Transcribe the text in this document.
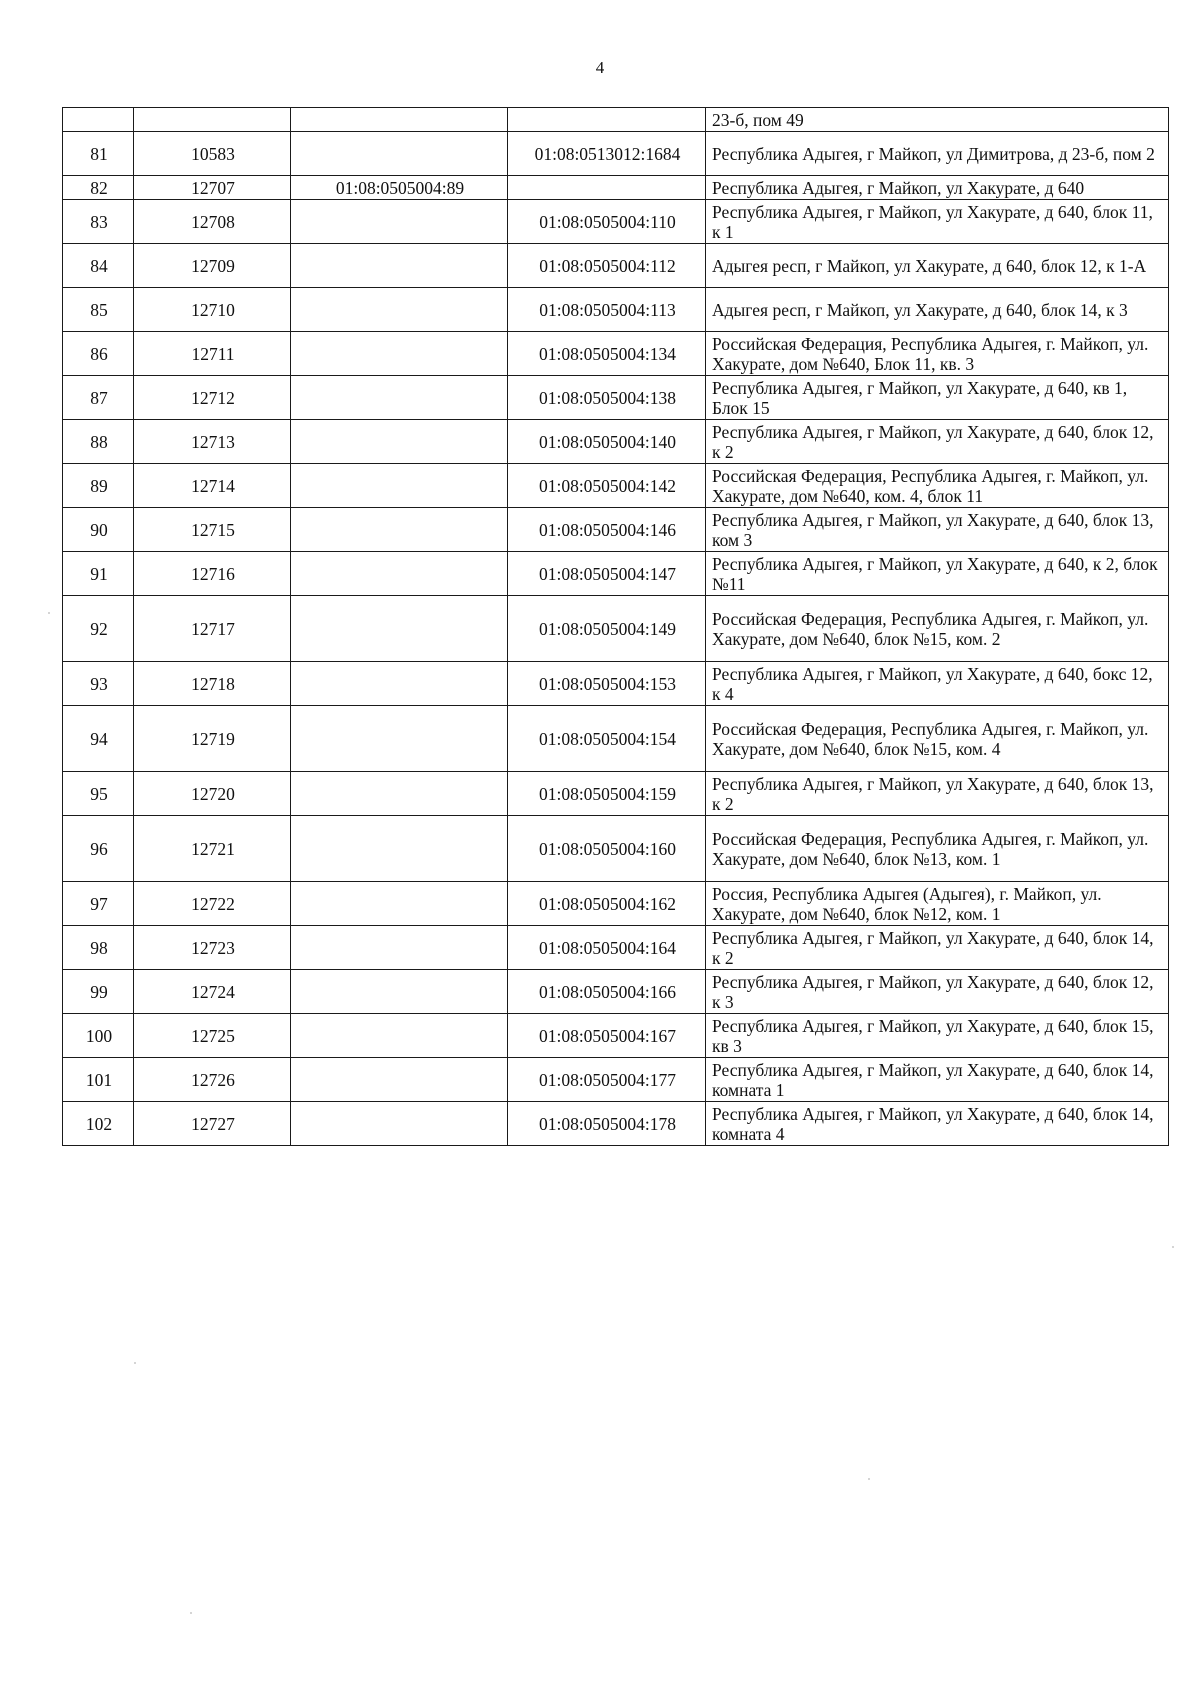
4
				23-б, пом 49
81	10583		01:08:0513012:1684	Республика Адыгея, г Майкоп, ул Димитрова, д 23-б, пом 2
82	12707	01:08:0505004:89		Республика Адыгея, г Майкоп, ул Хакурате, д 640
83	12708		01:08:0505004:110	Республика Адыгея, г Майкоп, ул Хакурате, д 640, блок 11, к 1
84	12709		01:08:0505004:112	Адыгея респ, г Майкоп, ул Хакурате, д 640, блок 12, к 1-А
85	12710		01:08:0505004:113	Адыгея респ, г Майкоп, ул Хакурате, д 640, блок 14, к 3
86	12711		01:08:0505004:134	Российская Федерация, Республика Адыгея, г. Майкоп, ул. Хакурате, дом №640, Блок 11, кв. 3
87	12712		01:08:0505004:138	Республика Адыгея, г Майкоп, ул Хакурате, д 640, кв 1, Блок 15
88	12713		01:08:0505004:140	Республика Адыгея, г Майкоп, ул Хакурате, д 640, блок 12, к 2
89	12714		01:08:0505004:142	Российская Федерация, Республика Адыгея, г. Майкоп, ул. Хакурате, дом №640, ком. 4, блок 11
90	12715		01:08:0505004:146	Республика Адыгея, г Майкоп, ул Хакурате, д 640, блок 13, ком 3
91	12716		01:08:0505004:147	Республика Адыгея, г Майкоп, ул Хакурате, д 640, к 2, блок №11
92	12717		01:08:0505004:149	Российская Федерация, Республика Адыгея, г. Майкоп, ул. Хакурате, дом №640, блок №15, ком. 2
93	12718		01:08:0505004:153	Республика Адыгея, г Майкоп, ул Хакурате, д 640, бокс 12, к 4
94	12719		01:08:0505004:154	Российская Федерация, Республика Адыгея, г. Майкоп, ул. Хакурате, дом №640, блок №15, ком. 4
95	12720		01:08:0505004:159	Республика Адыгея, г Майкоп, ул Хакурате, д 640, блок 13, к 2
96	12721		01:08:0505004:160	Российская Федерация, Республика Адыгея, г. Майкоп, ул. Хакурате, дом №640, блок №13, ком. 1
97	12722		01:08:0505004:162	Россия, Республика Адыгея (Адыгея), г. Майкоп, ул. Хакурате, дом №640, блок №12, ком. 1
98	12723		01:08:0505004:164	Республика Адыгея, г Майкоп, ул Хакурате, д 640, блок 14, к 2
99	12724		01:08:0505004:166	Республика Адыгея, г Майкоп, ул Хакурате, д 640, блок 12, к 3
100	12725		01:08:0505004:167	Республика Адыгея, г Майкоп, ул Хакурате, д 640, блок 15, кв 3
101	12726		01:08:0505004:177	Республика Адыгея, г Майкоп, ул Хакурате, д 640, блок 14, комната 1
102	12727		01:08:0505004:178	Республика Адыгея, г Майкоп, ул Хакурате, д 640, блок 14, комната 4
